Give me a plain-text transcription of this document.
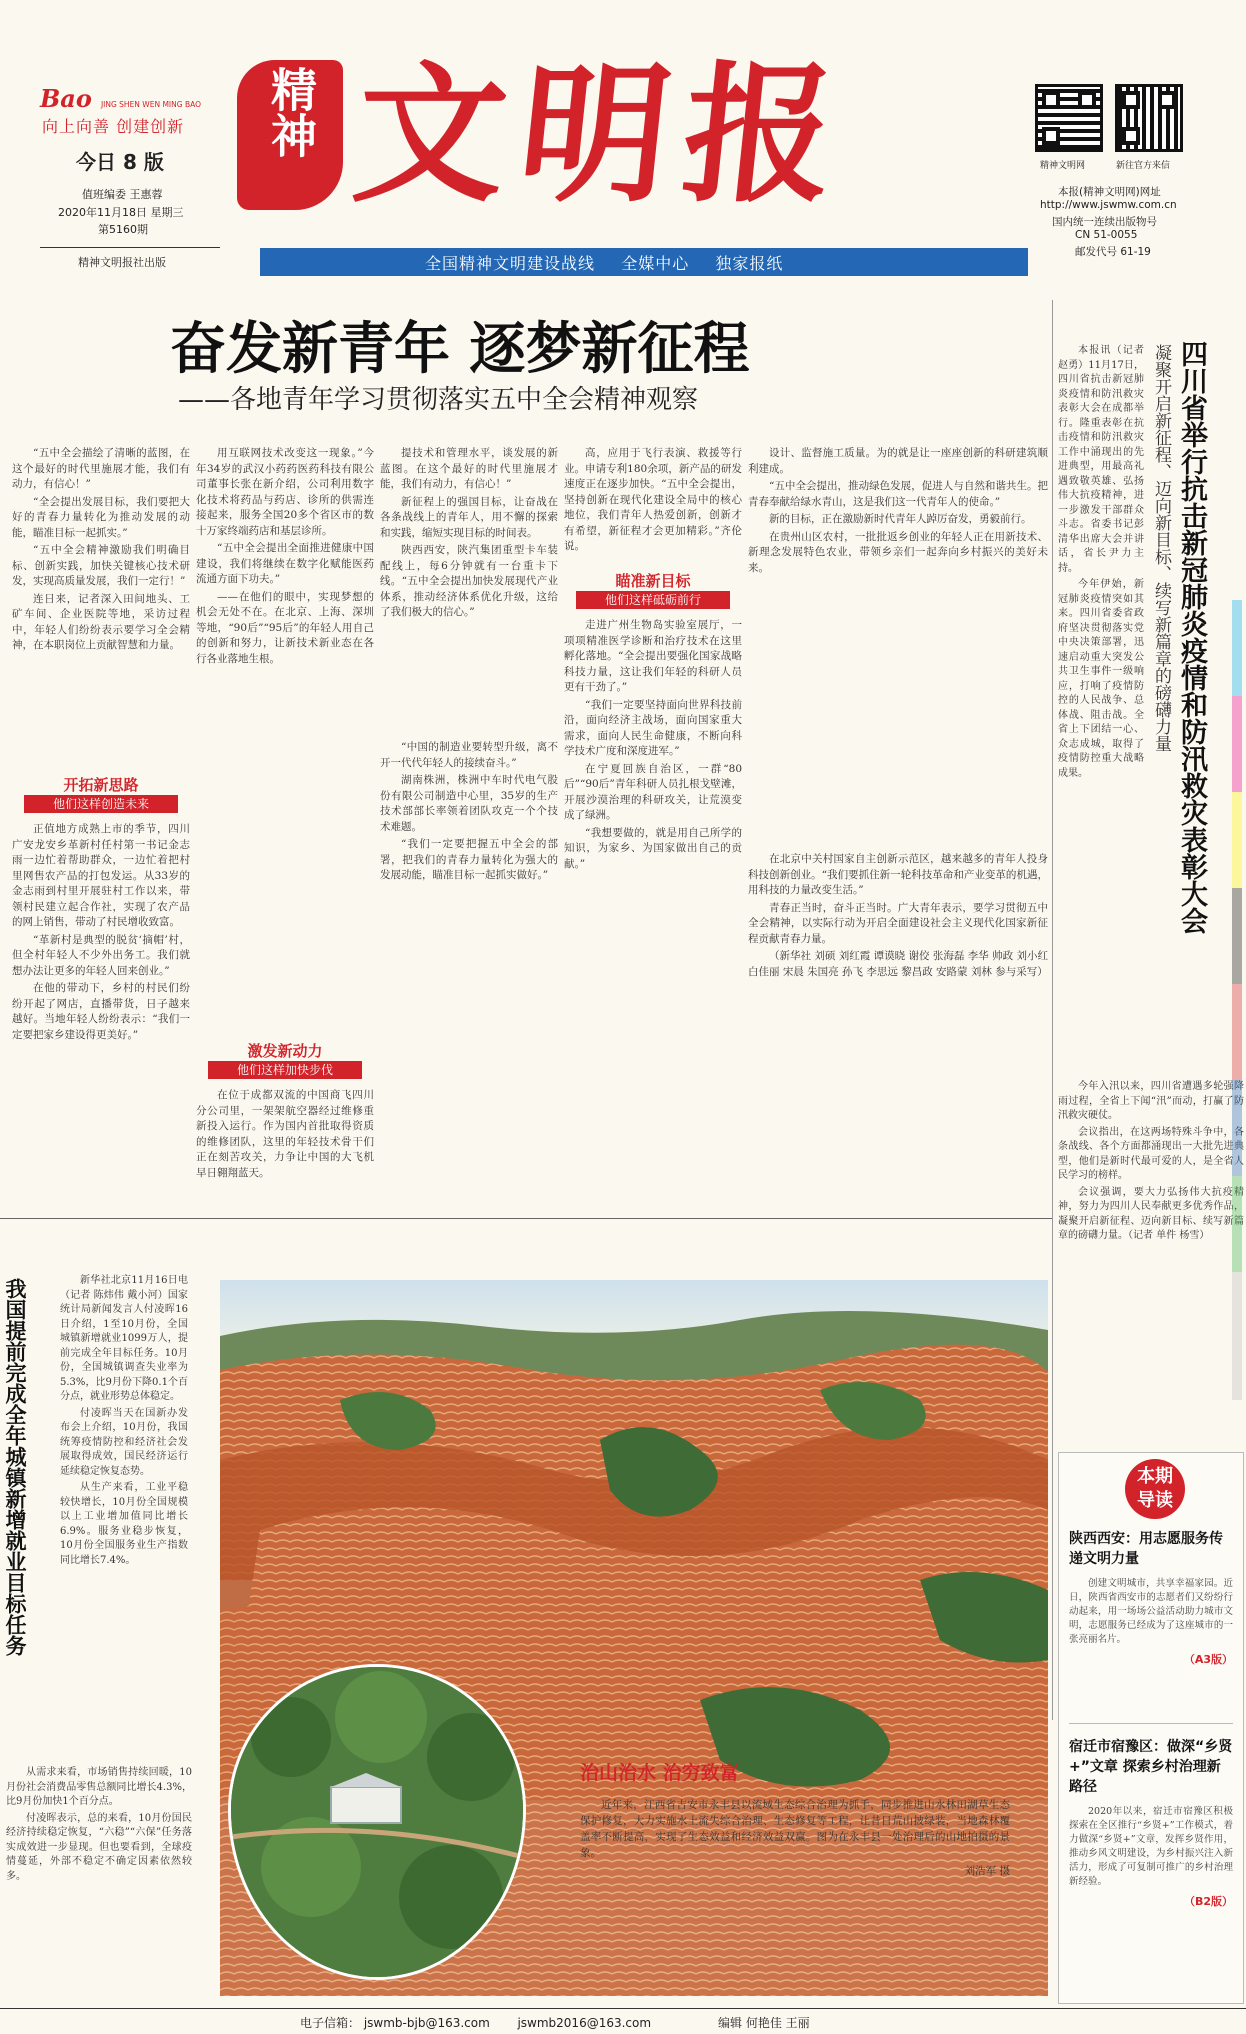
Bao JING SHEN WEN MING BAO
向上向善 创建创新
今日 8 版
值班编委 王惠蓉
2020年11月18日 星期三
第5160期
精神文明报社出版
精神 文明报
全国精神文明建设战线 全媒中心 独家报纸
精神文明网	新往官方来信
本报(精神文明网)网址
http://www.jswmw.com.cn
国内统一连续出版物号
CN 51-0055
邮发代号 61-19
奋发新青年 逐梦新征程
——各地青年学习贯彻落实五中全会精神观察

“五中全会描绘了清晰的蓝图，在这个最好的时代里施展才能，我们有动力，有信心！”

“全会提出发展目标，我们要把大好的青春力量转化为推动发展的动能，瞄准目标一起抓实。”

“五中全会精神激励我们明确目标、创新实践，加快关键核心技术研发，实现高质量发展，我们一定行！”

连日来，记者深入田间地头、工矿车间、企业医院等地，采访过程中，年轻人们纷纷表示要学习全会精神，在本职岗位上贡献智慧和力量。

开拓新思路
他们这样创造未来

正值地方成熟上市的季节，四川广安龙安乡革新村任村第一书记金志雨一边忙着帮助群众，一边忙着把村里网售农产品的打包发运。从33岁的金志雨到村里开展驻村工作以来，带领村民建立起合作社，实现了农产品的网上销售，带动了村民增收致富。

“革新村是典型的脱贫‘摘帽’村，但全村年轻人不少外出务工。我们就想办法让更多的年轻人回来创业。”

在他的带动下，乡村的村民们纷纷开起了网店，直播带货，日子越来越好。当地年轻人纷纷表示：“我们一定要把家乡建设得更美好。”

用互联网技术改变这一现象。”今年34岁的武汉小药药医药科技有限公司董事长张在新介绍，公司利用数字化技术将药品与药店、诊所的供需连接起来，服务全国20多个省区市的数十万家终端药店和基层诊所。

“五中全会提出全面推进健康中国建设，我们将继续在数字化赋能医药流通方面下功夫。”

——在他们的眼中，实现梦想的机会无处不在。在北京、上海、深圳等地，“90后”“95后”的年轻人用自己的创新和努力，让新技术新业态在各行各业落地生根。

激发新动力
他们这样加快步伐

在位于成都双流的中国商飞四川分公司里，一架架航空器经过维修重新投入运行。作为国内首批取得资质的维修团队，这里的年轻技术骨干们正在刻苦攻关，力争让中国的大飞机早日翱翔蓝天。

提技术和管理水平，谈发展的新蓝图。在这个最好的时代里施展才能，我们有动力，有信心！”

新征程上的强国目标，让奋战在各条战线上的青年人，用不懈的探索和实践，缩短实现目标的时间表。

陕西西安，陕汽集团重型卡车装配线上，每6分钟就有一台重卡下线。“五中全会提出加快发展现代产业体系，推动经济体系优化升级，这给了我们极大的信心。”

“中国的制造业要转型升级，离不开一代代年轻人的接续奋斗。”

湖南株洲，株洲中车时代电气股份有限公司制造中心里，35岁的生产技术部部长率领着团队攻克一个个技术难题。

“我们一定要把握五中全会的部署，把我们的青春力量转化为强大的发展动能，瞄准目标一起抓实做好。”

高，应用于飞行表演、救援等行业。申请专利180余项，新产品的研发速度正在逐步加快。“五中全会提出，坚持创新在现代化建设全局中的核心地位，我们青年人热爱创新，创新才有希望，新征程才会更加精彩。”齐伦说。

瞄准新目标
他们这样砥砺前行

走进广州生物岛实验室展厅，一项项精准医学诊断和治疗技术在这里孵化落地。“全会提出要强化国家战略科技力量，这让我们年轻的科研人员更有干劲了。”

“我们一定要坚持面向世界科技前沿，面向经济主战场，面向国家重大需求，面向人民生命健康，不断向科学技术广度和深度进军。”

在宁夏回族自治区，一群“80后”“90后”青年科研人员扎根戈壁滩，开展沙漠治理的科研攻关，让荒漠变成了绿洲。

“我想要做的，就是用自己所学的知识，为家乡、为国家做出自己的贡献。”

设计、监督施工质量。为的就是让一座座创新的科研建筑顺利建成。

“五中全会提出，推动绿色发展，促进人与自然和谐共生。把青春奉献给绿水青山，这是我们这一代青年人的使命。”

新的目标，正在激励新时代青年人踔厉奋发，勇毅前行。

在贵州山区农村，一批批返乡创业的年轻人正在用新技术、新理念发展特色农业，带领乡亲们一起奔向乡村振兴的美好未来。

在北京中关村国家自主创新示范区，越来越多的青年人投身科技创新创业。“我们要抓住新一轮科技革命和产业变革的机遇，用科技的力量改变生活。”

青春正当时，奋斗正当时。广大青年表示，要学习贯彻五中全会精神，以实际行动为开启全面建设社会主义现代化国家新征程贡献青春力量。

（新华社 刘硕 刘红霞 谭谟晓 谢佼 张海磊 李华 帅政 刘小红 白佳丽 宋晨 朱国亮 孙飞 李思远 黎昌政 安路蒙 刘林 参与采写）

四川省举行抗击新冠肺炎疫情和防汛救灾表彰大会
凝聚开启新征程、迈向新目标、续写新篇章的磅礴力量

本报讯（记者 赵勇）11月17日，四川省抗击新冠肺炎疫情和防汛救灾表彰大会在成都举行。隆重表彰在抗击疫情和防汛救灾工作中涌现出的先进典型，用最高礼遇致敬英雄、弘扬伟大抗疫精神，进一步激发干部群众斗志。省委书记彭清华出席大会并讲话，省长尹力主持。

今年伊始，新冠肺炎疫情突如其来。四川省委省政府坚决贯彻落实党中央决策部署，迅速启动重大突发公共卫生事件一级响应，打响了疫情防控的人民战争、总体战、阻击战。全省上下团结一心、众志成城，取得了疫情防控重大战略成果。

今年入汛以来，四川省遭遇多轮强降雨过程，全省上下闻“汛”而动，打赢了防汛救灾硬仗。

会议指出，在这两场特殊斗争中，各条战线、各个方面都涌现出一大批先进典型，他们是新时代最可爱的人，是全省人民学习的榜样。

会议强调，要大力弘扬伟大抗疫精神，努力为四川人民奉献更多优秀作品，凝聚开启新征程、迈向新目标、续写新篇章的磅礴力量。（记者 单件 杨雪）

我国提前完成全年城镇新增就业目标任务	新华社北京11月16日电（记者 陈炜伟 戴小河）国家统计局新闻发言人付凌晖16日介绍，1至10月份，全国城镇新增就业1099万人，提前完成全年目标任务。10月份，全国城镇调查失业率为5.3%，比9月份下降0.1个百分点，就业形势总体稳定。

付凌晖当天在国新办发布会上介绍，10月份，我国统筹疫情防控和经济社会发展取得成效，国民经济运行延续稳定恢复态势。

从生产来看，工业平稳较快增长，10月份全国规模以上工业增加值同比增长6.9%。服务业稳步恢复，10月份全国服务业生产指数同比增长7.4%。

从需求来看，市场销售持续回暖，10月份社会消费品零售总额同比增长4.3%，比9月份加快1个百分点。

付凌晖表示，总的来看，10月份国民经济持续稳定恢复，“六稳”“六保”任务落实成效进一步显现。但也要看到，全球疫情蔓延，外部不稳定不确定因素依然较多。

治山治水 治穷致富
近年来，江西省吉安市永丰县以流域生态综合治理为抓手，同步推进山水林田湖草生态保护修复，大力实施水土流失综合治理、生态修复等工程，让昔日荒山披绿装，当地森林覆盖率不断提高，实现了生态效益和经济效益双赢。图为在永丰县一处治理后的山地拍摄的景象。
刘浩军 摄
本期
导读
陕西西安：用志愿服务传递文明力量
创建文明城市，共享幸福家园。近日，陕西省西安市的志愿者们又纷纷行动起来，用一场场公益活动助力城市文明，志愿服务已经成为了这座城市的一张亮丽名片。
（A3版）
宿迁市宿豫区：做深“乡贤+”文章 探索乡村治理新路径
2020年以来，宿迁市宿豫区积极探索在全区推行“乡贤+”工作模式，着力做深“乡贤+”文章，发挥乡贤作用，推动乡风文明建设，为乡村振兴注入新活力，形成了可复制可推广的乡村治理新经验。
（B2版）
电子信箱： jswmb-bjb@163.com jswmb2016@163.com	编辑 何艳佳 王丽
